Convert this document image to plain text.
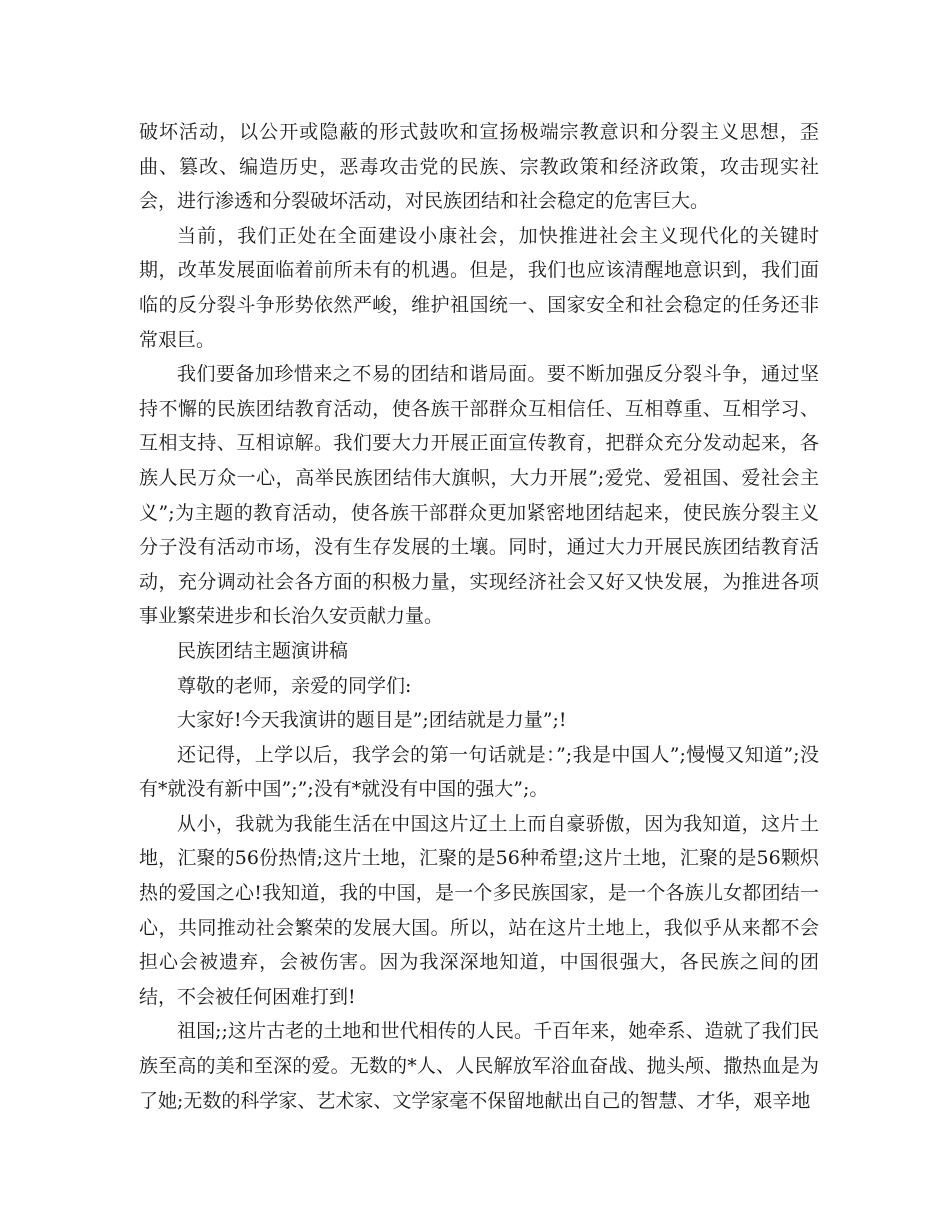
破坏活动，以公开或隐蔽的形式鼓吹和宣扬极端宗教意识和分裂主义思想，歪曲、篡改、编造历史，恶毒攻击党的民族、宗教政策和经济政策，攻击现实社会，进行渗透和分裂破坏活动，对民族团结和社会稳定的危害巨大。

当前，我们正处在全面建设小康社会，加快推进社会主义现代化的关键时期，改革发展面临着前所未有的机遇。但是，我们也应该清醒地意识到，我们面临的反分裂斗争形势依然严峻，维护祖国统一、国家安全和社会稳定的任务还非常艰巨。

我们要备加珍惜来之不易的团结和谐局面。要不断加强反分裂斗争，通过坚持不懈的民族团结教育活动，使各族干部群众互相信任、互相尊重、互相学习、互相支持、互相谅解。我们要大力开展正面宣传教育，把群众充分发动起来，各族人民万众一心，高举民族团结伟大旗帜，大力开展”;爱党、爱祖国、爱社会主义”;为主题的教育活动，使各族干部群众更加紧密地团结起来，使民族分裂主义分子没有活动市场，没有生存发展的土壤。同时，通过大力开展民族团结教育活动，充分调动社会各方面的积极力量，实现经济社会又好又快发展，为推进各项事业繁荣进步和长治久安贡献力量。

民族团结主题演讲稿

尊敬的老师，亲爱的同学们:

大家好!今天我演讲的题目是”;团结就是力量”;!

还记得，上学以后，我学会的第一句话就是：”;我是中国人”;慢慢又知道”;没有*就没有新中国”;”;没有*就没有中国的强大”;。

从小，我就为我能生活在中国这片辽土上而自豪骄傲，因为我知道，这片土地，汇聚的56份热情;这片土地，汇聚的是56种希望;这片土地，汇聚的是56颗炽热的爱国之心!我知道，我的中国，是一个多民族国家，是一个各族儿女都团结一心，共同推动社会繁荣的发展大国。所以，站在这片土地上，我似乎从来都不会担心会被遗弃，会被伤害。因为我深深地知道，中国很强大，各民族之间的团结，不会被任何困难打到!

祖国;;这片古老的土地和世代相传的人民。千百年来，她牵系、造就了我们民族至高的美和至深的爱。无数的*人、人民解放军浴血奋战、抛头颅、撒热血是为了她;无数的科学家、艺术家、文学家毫不保留地献出自己的智慧、才华，艰辛地
